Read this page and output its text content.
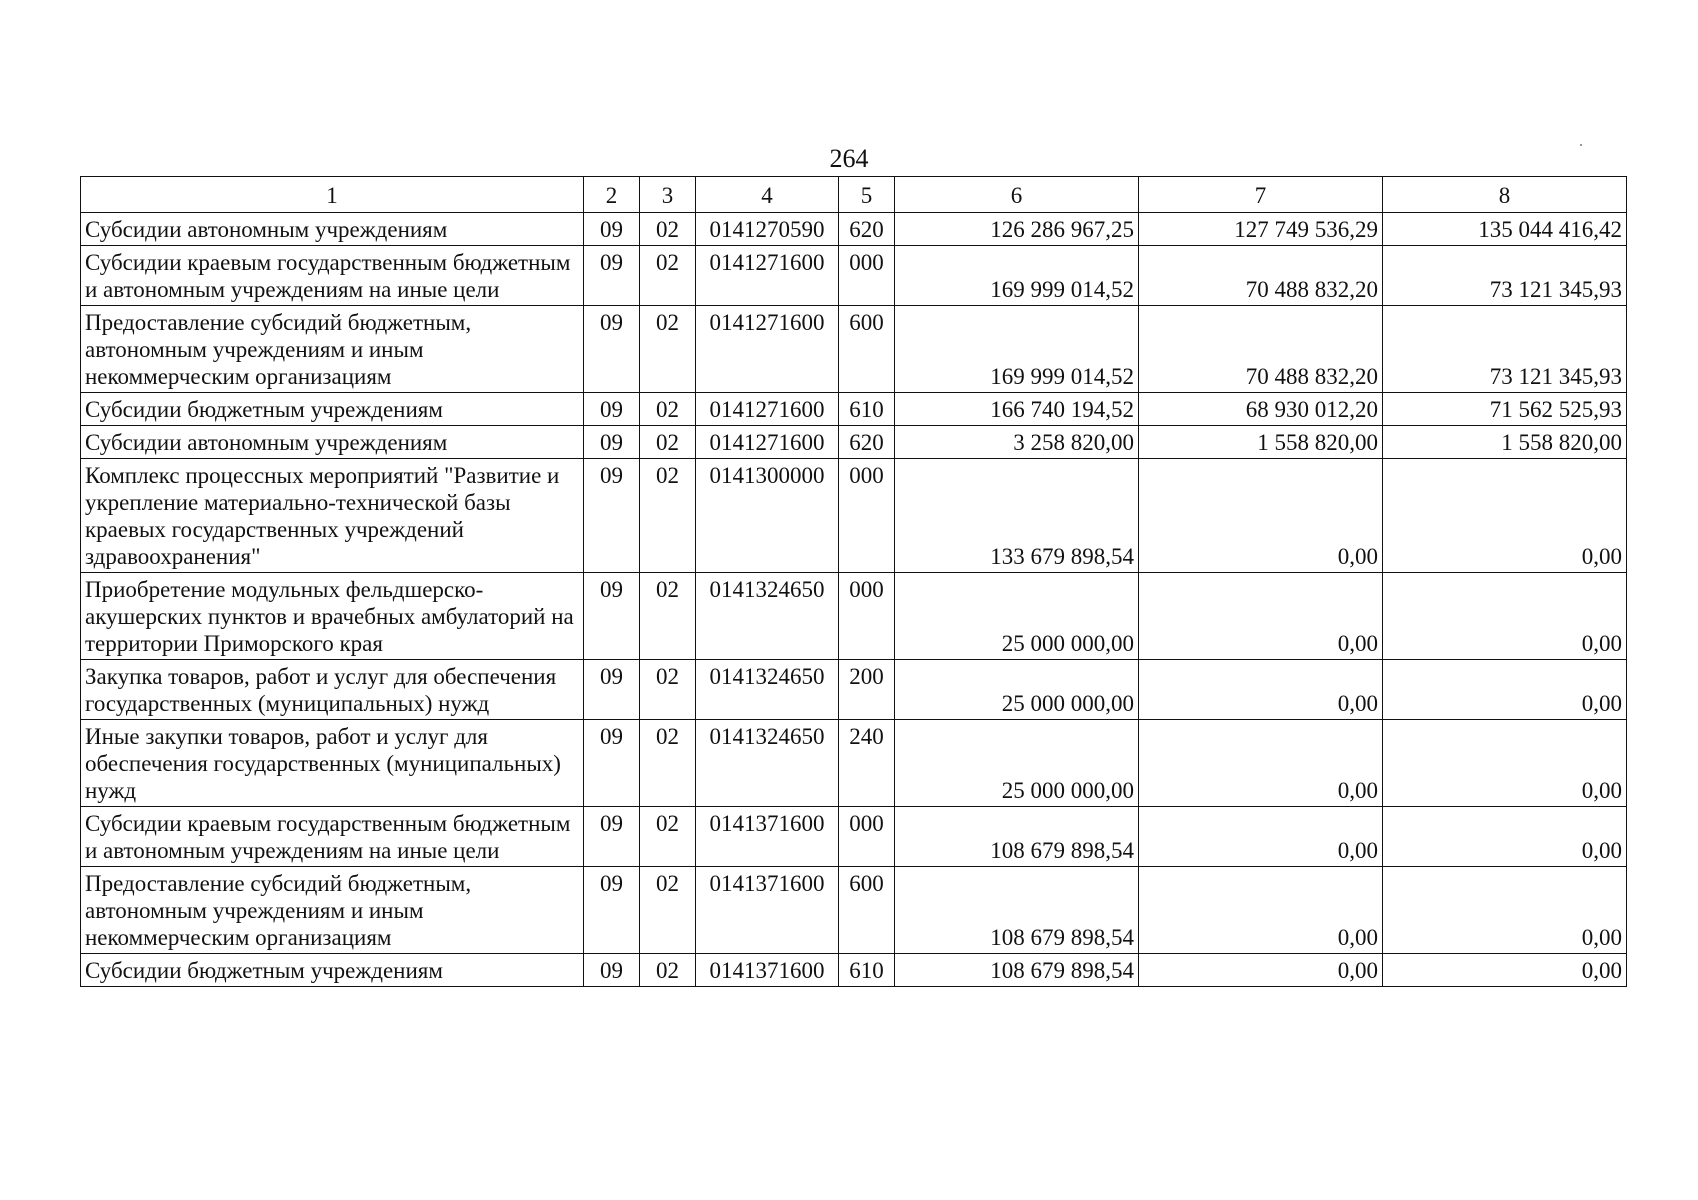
264
1	2	3	4	5	6	7	8
Субсидии автономным учреждениям	09	02	0141270590	620	126 286 967,25	127 749 536,29	135 044 416,42
Субсидии краевым государственным бюджетным и автономным учреждениям на иные цели	09	02	0141271600	000	169 999 014,52	70 488 832,20	73 121 345,93
Предоставление субсидий бюджетным, автономным учреждениям и иным некоммерческим организациям	09	02	0141271600	600	169 999 014,52	70 488 832,20	73 121 345,93
Субсидии бюджетным учреждениям	09	02	0141271600	610	166 740 194,52	68 930 012,20	71 562 525,93
Субсидии автономным учреждениям	09	02	0141271600	620	3 258 820,00	1 558 820,00	1 558 820,00
Комплекс процессных мероприятий "Развитие и укрепление материально-технической базы краевых государственных учреждений здравоохранения"	09	02	0141300000	000	133 679 898,54	0,00	0,00
Приобретение модульных фельдшерско-акушерских пунктов и врачебных амбулаторий на территории Приморского края	09	02	0141324650	000	25 000 000,00	0,00	0,00
Закупка товаров, работ и услуг для обеспечения государственных (муниципальных) нужд	09	02	0141324650	200	25 000 000,00	0,00	0,00
Иные закупки товаров, работ и услуг для обеспечения государственных (муниципальных) нужд	09	02	0141324650	240	25 000 000,00	0,00	0,00
Субсидии краевым государственным бюджетным и автономным учреждениям на иные цели	09	02	0141371600	000	108 679 898,54	0,00	0,00
Предоставление субсидий бюджетным, автономным учреждениям и иным некоммерческим организациям	09	02	0141371600	600	108 679 898,54	0,00	0,00
Субсидии бюджетным учреждениям	09	02	0141371600	610	108 679 898,54	0,00	0,00
